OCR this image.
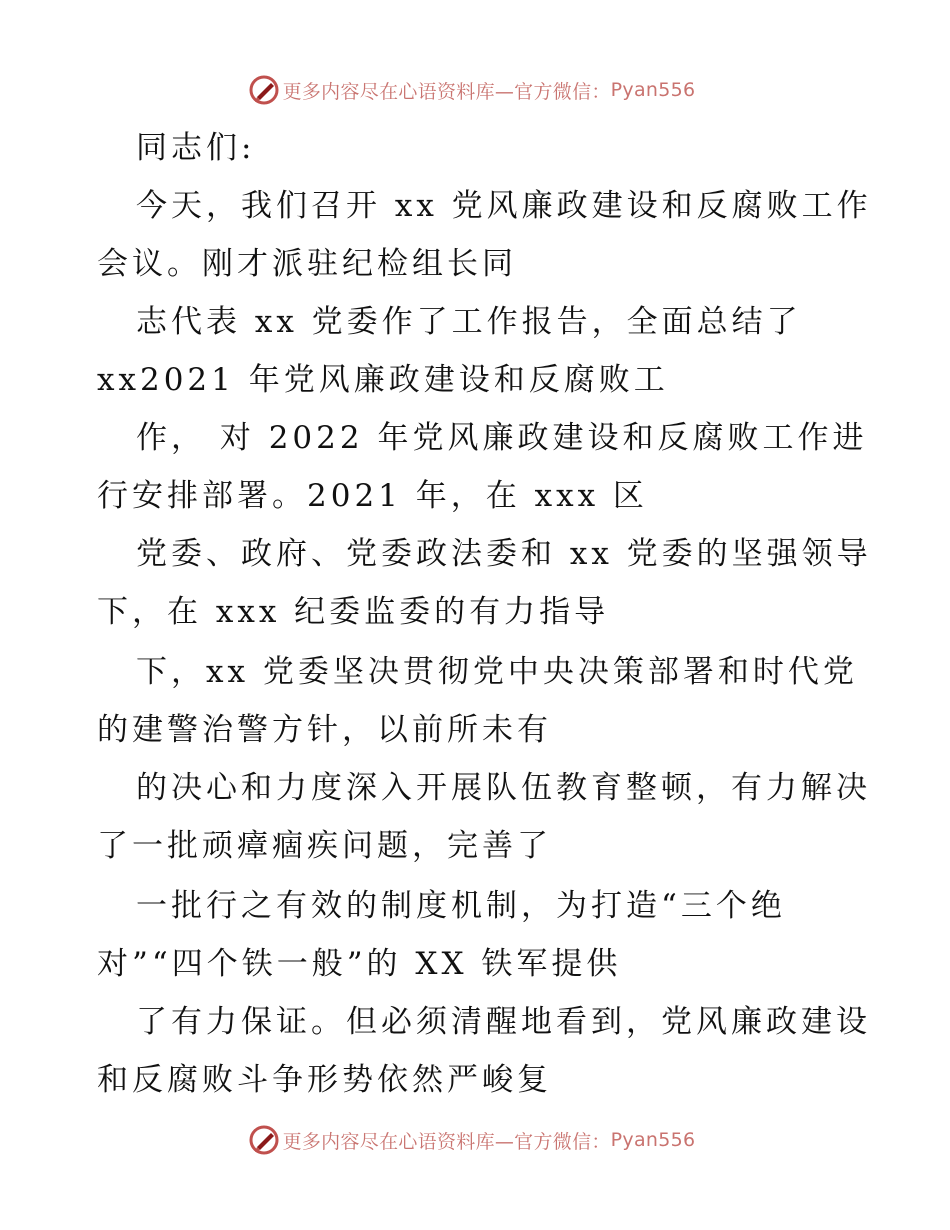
更多内容尽在心语资料库—官方微信： Pyan556
同志们:
今天，我们召开 xx 党风廉政建设和反腐败工作
会议。刚才派驻纪检组长同
志代表 xx 党委作了工作报告，全面总结了
xx2021 年党风廉政建设和反腐败工
作， 对 2022 年党风廉政建设和反腐败工作进
行安排部署。2021 年，在 xxx 区
党委、政府、党委政法委和 xx 党委的坚强领导
下，在 xxx 纪委监委的有力指导
下，xx 党委坚决贯彻党中央决策部署和时代党
的建警治警方针，以前所未有
的决心和力度深入开展队伍教育整顿，有力解决
了一批顽瘴痼疾问题，完善了
一批行之有效的制度机制，为打造“三个绝
对”“四个铁一般”的 XX 铁军提供
了有力保证。但必须清醒地看到，党风廉政建设
和反腐败斗争形势依然严峻复
更多内容尽在心语资料库—官方微信： Pyan556
